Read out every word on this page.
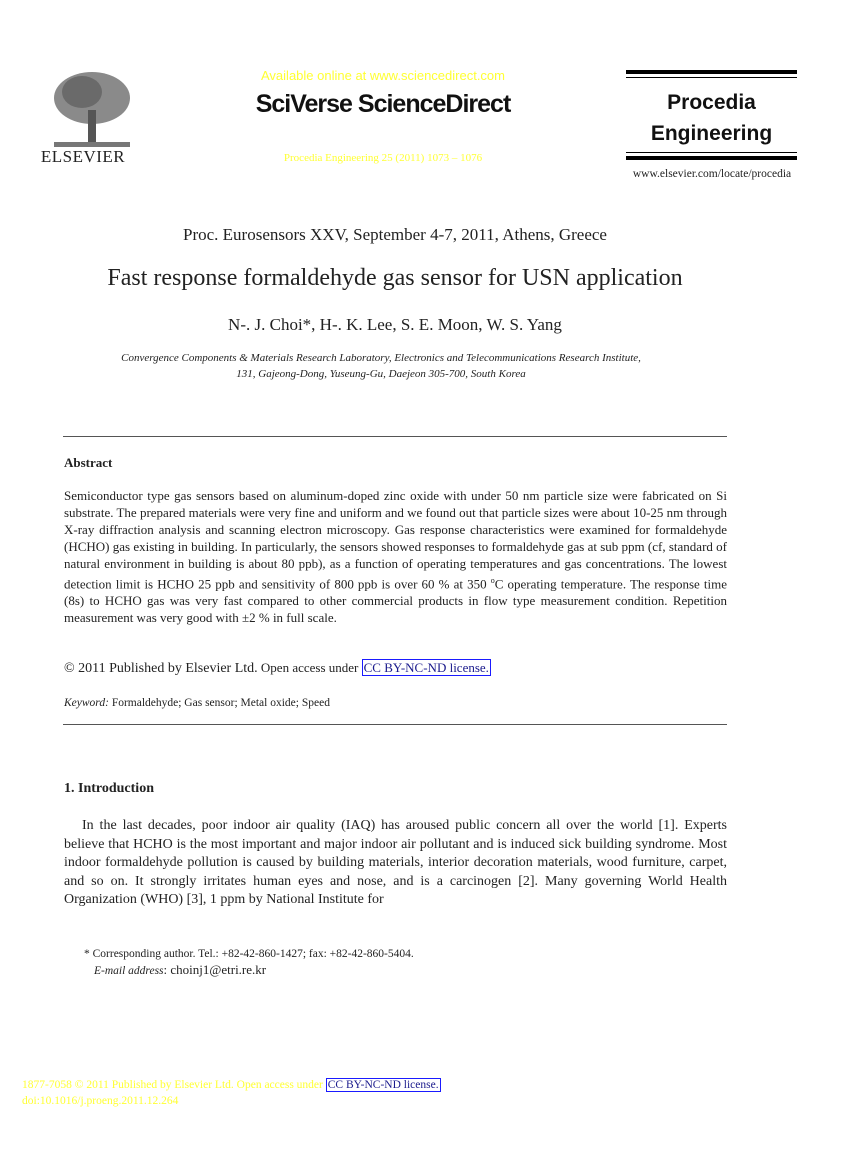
ELSEVIER
Available online at www.sciencedirect.com
SciVerse ScienceDirect
Procedia Engineering 25 (2011) 1073 – 1076
Procedia
Engineering
www.elsevier.com/locate/procedia
Proc. Eurosensors XXV, September 4-7, 2011, Athens, Greece
Fast response formaldehyde gas sensor for USN application
N-. J. Choi*, H-. K. Lee, S. E. Moon, W. S. Yang
Convergence Components & Materials Research Laboratory, Electronics and Telecommunications Research Institute,
131, Gajeong-Dong, Yuseung-Gu, Daejeon 305-700, South Korea
Abstract
Semiconductor type gas sensors based on aluminum-doped zinc oxide with under 50 nm particle size were fabricated on Si substrate. The prepared materials were very fine and uniform and we found out that particle sizes were about 10-25 nm through X-ray diffraction analysis and scanning electron microscopy. Gas response characteristics were examined for formaldehyde (HCHO) gas existing in building. In particularly, the sensors showed responses to formaldehyde gas at sub ppm (cf, standard of natural environment in building is about 80 ppb), as a function of operating temperatures and gas concentrations. The lowest detection limit is HCHO 25 ppb and sensitivity of 800 ppb is over 60 % at 350 $^o$C operating temperature. The response time (8s) to HCHO gas was very fast compared to other commercial products in flow type measurement condition. Repetition measurement was very good with ±2 % in full scale.
© 2011 Published by Elsevier Ltd. Open access under CC BY-NC-ND license.
Keyword: Formaldehyde; Gas sensor; Metal oxide; Speed
1. Introduction
In the last decades, poor indoor air quality (IAQ) has aroused public concern all over the world [1]. Experts believe that HCHO is the most important and major indoor air pollutant and is induced sick building syndrome. Most indoor formaldehyde pollution is caused by building materials, interior decoration materials, wood furniture, carpet, and so on. It strongly irritates human eyes and nose, and is a carcinogen [2]. Many governing World Health Organization (WHO) [3], 1 ppm by National Institute for
* Corresponding author. Tel.: +82-42-860-1427; fax: +82-42-860-5404.
E-mail address: choinj1@etri.re.kr
1877-7058 © 2011 Published by Elsevier Ltd. Open access under CC BY-NC-ND license.
doi:10.1016/j.proeng.2011.12.264
